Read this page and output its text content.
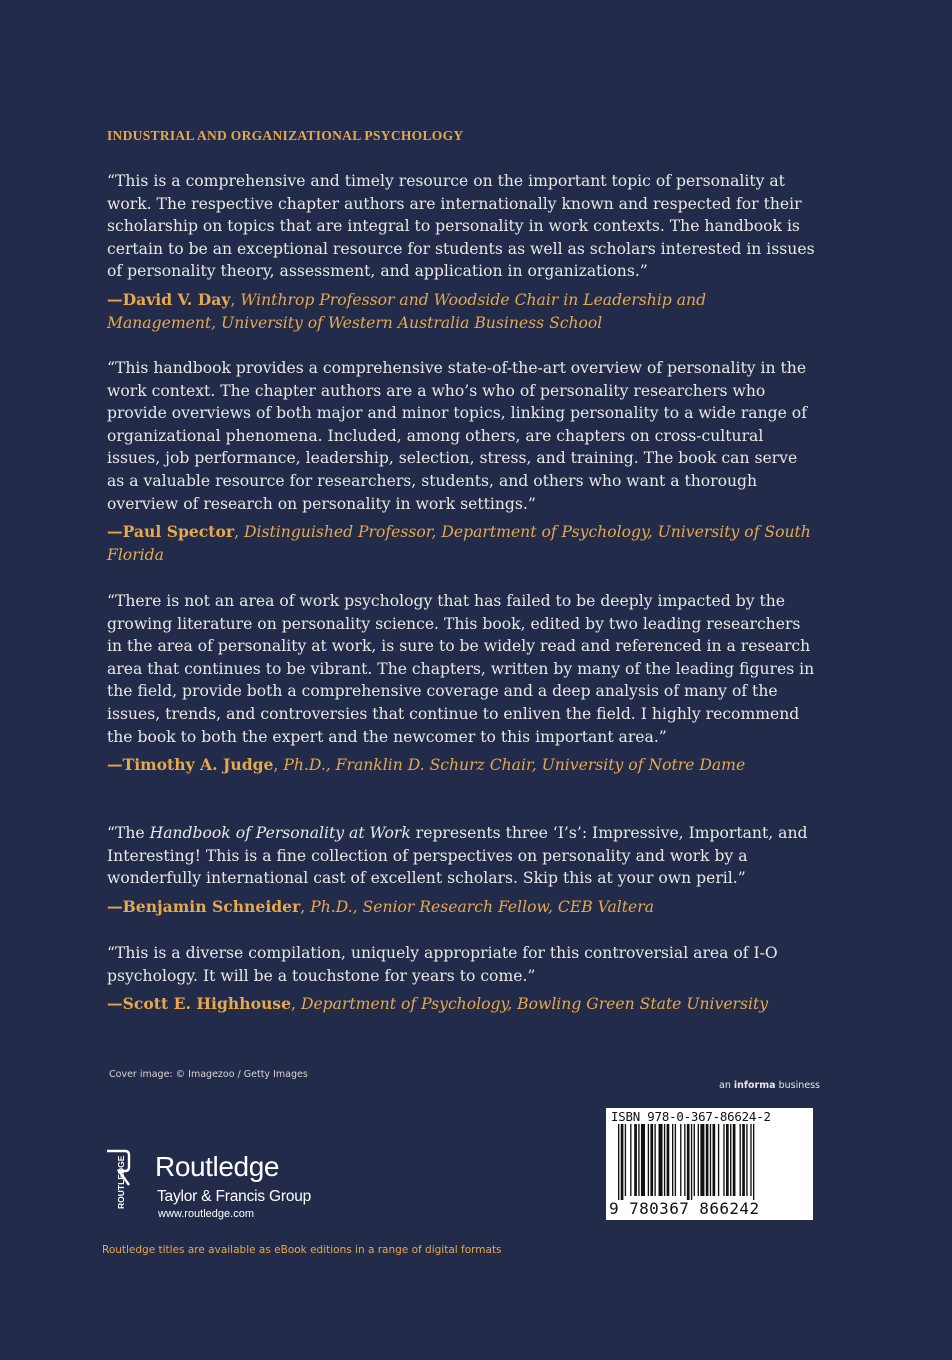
INDUSTRIAL AND ORGANIZATIONAL PSYCHOLOGY

“This is a comprehensive and timely resource on the important topic of personality at work. The respective chapter authors are internationally known and respected for their scholarship on topics that are integral to personality in work contexts. The handbook is certain to be an exceptional resource for students as well as scholars interested in issues of personality theory, assessment, and application in organizations.”

—David V. Day, Winthrop Professor and Woodside Chair in Leadership and Management, University of Western Australia Business School

“This handbook provides a comprehensive state-of-the-art overview of personality in the work context. The chapter authors are a who’s who of personality researchers who provide overviews of both major and minor topics, linking personality to a wide range of organizational phenomena. Included, among others, are chapters on cross-cultural issues, job performance, leadership, selection, stress, and training. The book can serve as a valuable resource for researchers, students, and others who want a thorough overview of research on personality in work settings.”

—Paul Spector, Distinguished Professor, Department of Psychology, University of South Florida

“There is not an area of work psychology that has failed to be deeply impacted by the growing literature on personality science. This book, edited by two leading researchers in the area of personality at work, is sure to be widely read and referenced in a research area that continues to be vibrant. The chapters, written by many of the leading figures in the field, provide both a comprehensive coverage and a deep analysis of many of the issues, trends, and controversies that continue to enliven the field. I highly recommend the book to both the expert and the newcomer to this important area.”

—Timothy A. Judge, Ph.D., Franklin D. Schurz Chair, University of Notre Dame

“The Handbook of Personality at Work represents three ‘I’s’: Impressive, Important, and Interesting! This is a fine collection of perspectives on personality and work by a wonderfully international cast of excellent scholars. Skip this at your own peril.”

—Benjamin Schneider, Ph.D., Senior Research Fellow, CEB Valtera

“This is a diverse compilation, uniquely appropriate for this controversial area of I-O psychology. It will be a touchstone for years to come.”

—Scott E. Highhouse, Department of Psychology, Bowling Green State University

Cover image: © Imagezoo / Getty Images
an informa business
ISBN 978-0-367-86624-2
9 780367 866242
ROUTLEDGE Routledge
Taylor & Francis Group
www.routledge.com
Routledge titles are available as eBook editions in a range of digital formats
